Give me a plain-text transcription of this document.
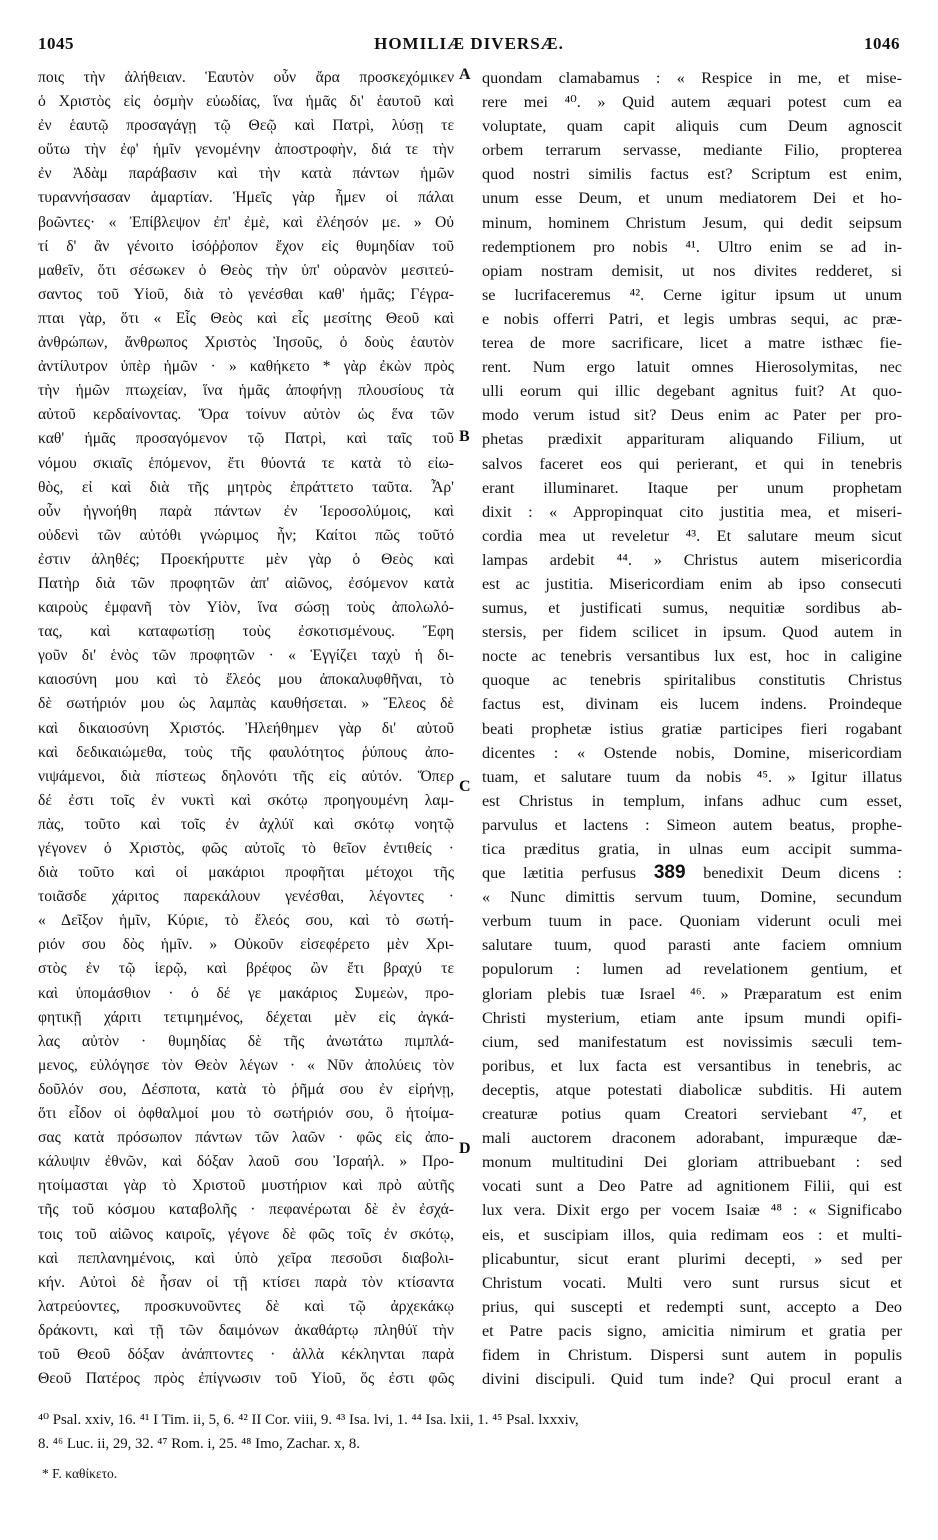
1045	HOMILIÆ DIVERSÆ.	1046
ποις τὴν ἀλήθειαν. Ἑαυτὸν οὖν ἄρα προσκεχόμικεν
ὁ Χριστὸς εἰς ὀσμὴν εὐωδίας, ἵνα ἡμᾶς δι' ἑαυτοῦ καὶ
ἐν ἑαυτῷ προσαγάγῃ τῷ Θεῷ καὶ Πατρὶ, λύσῃ τε
οὕτω τὴν ἐφ' ἡμῖν γενομένην ἀποστροφὴν, διά τε τὴν
ἐν Ἀδὰμ παράβασιν καὶ τὴν κατὰ πάντων ἡμῶν
τυραννήσασαν ἁμαρτίαν. Ἡμεῖς γὰρ ἦμεν οἱ πάλαι
βοῶντες· « Ἐπίβλεψον ἐπ' ἐμὲ, καὶ ἐλέησόν με. » Οὐ
τί δ' ἂν γένοιτο ἰσόῤῥοπον ἔχον εἰς θυμηδίαν τοῦ
μαθεῖν, ὅτι σέσωκεν ὁ Θεὸς τὴν ὑπ' οὐρανὸν μεσιτεύ-
σαντος τοῦ Υἱοῦ, διὰ τὸ γενέσθαι καθ' ἡμᾶς; Γέγρα-
πται γὰρ, ὅτι « Εἷς Θεὸς καὶ εἷς μεσίτης Θεοῦ καὶ
ἀνθρώπων, ἄνθρωπος Χριστὸς Ἰησοῦς, ὁ δοὺς ἑαυτὸν
ἀντίλυτρον ὑπὲρ ἡμῶν · » καθήκετο * γὰρ ἐκὼν πρὸς
τὴν ἡμῶν πτωχείαν, ἵνα ἡμᾶς ἀποφήνῃ πλουσίους τὰ
αὐτοῦ κερδαίνοντας. Ὅρα τοίνυν αὐτὸν ὡς ἕνα τῶν
καθ' ἡμᾶς προσαγόμενον τῷ Πατρὶ, καὶ ταῖς τοῦ
νόμου σκιαῖς ἑπόμενον, ἔτι θύοντά τε κατὰ τὸ εἰω-
θὸς, εἰ καὶ διὰ τῆς μητρὸς ἐπράττετο ταῦτα. Ἆρ'
οὖν ἠγνοήθη παρὰ πάντων ἐν Ἱεροσολύμοις, καὶ
οὐδενὶ τῶν αὐτόθι γνώριμος ἦν; Καίτοι πῶς τοῦτό
ἐστιν ἀληθές; Προεκήρυττε μὲν γὰρ ὁ Θεὸς καὶ
Πατὴρ διὰ τῶν προφητῶν ἀπ' αἰῶνος, ἐσόμενον κατὰ
καιροὺς ἐμφανῆ τὸν Υἱὸν, ἵνα σώσῃ τοὺς ἀπολωλό-
τας, καὶ καταφωτίσῃ τοὺς ἐσκοτισμένους. Ἔφη
γοῦν δι' ἑνὸς τῶν προφητῶν · « Ἐγγίζει ταχὺ ἡ δι-
καιοσύνη μου καὶ τὸ ἔλεός μου ἀποκαλυφθῆναι, τὸ
δὲ σωτήριόν μου ὡς λαμπὰς καυθήσεται. » Ἔλεος δὲ
καὶ δικαιοσύνη Χριστός. Ἠλεήθημεν γὰρ δι' αὐτοῦ
καὶ δεδικαιώμεθα, τοὺς τῆς φαυλότητος ῥύπους ἀπο-
νιψάμενοι, διὰ πίστεως δηλονότι τῆς εἰς αὐτόν. Ὅπερ
δέ ἐστι τοῖς ἐν νυκτὶ καὶ σκότῳ προηγουμένη λαμ-
πὰς, τοῦτο καὶ τοῖς ἐν ἀχλύϊ καὶ σκότῳ νοητῷ
γέγονεν ὁ Χριστὸς, φῶς αὐτοῖς τὸ θεῖον ἐντιθείς ·
διὰ τοῦτο καὶ οἱ μακάριοι προφῆται μέτοχοι τῆς
τοιᾶσδε χάριτος παρεκάλουν γενέσθαι, λέγοντες ·
« Δεῖξον ἡμῖν, Κύριε, τὸ ἔλεός σου, καὶ τὸ σωτή-
ριόν σου δὸς ἡμῖν. » Οὐκοῦν εἰσεφέρετο μὲν Χρι-
στὸς ἐν τῷ ἱερῷ, καὶ βρέφος ὢν ἔτι βραχύ τε
καὶ ὑπομάσθιον · ὁ δέ γε μακάριος Συμεὼν, προ-
φητικῇ χάριτι τετιμημένος, δέχεται μὲν εἰς ἀγκά-
λας αὐτὸν · θυμηδίας δὲ τῆς ἀνωτάτω πιμπλά-
μενος, εὐλόγησε τὸν Θεὸν λέγων · « Νῦν ἀπολύεις τὸν
δοῦλόν σου, Δέσποτα, κατὰ τὸ ῥῆμά σου ἐν εἰρήνῃ,
ὅτι εἶδον οἱ ὀφθαλμοί μου τὸ σωτήριόν σου, ὃ ἡτοίμα-
σας κατὰ πρόσωπον πάντων τῶν λαῶν · φῶς εἰς ἀπο-
κάλυψιν ἐθνῶν, καὶ δόξαν λαοῦ σου Ἰσραήλ. » Προ-
ητοίμασται γὰρ τὸ Χριστοῦ μυστήριον καὶ πρὸ αὐτῆς
τῆς τοῦ κόσμου καταβολῆς · πεφανέρωται δὲ ἐν ἐσχά-
τοις τοῦ αἰῶνος καιροῖς, γέγονε δὲ φῶς τοῖς ἐν σκότῳ,
καὶ πεπλανημένοις, καὶ ὑπὸ χεῖρα πεσοῦσι διαβολι-
κήν. Αὐτοὶ δὲ ἦσαν οἱ τῇ κτίσει παρὰ τὸν κτίσαντα
λατρεύοντες, προσκυνοῦντες δὲ καὶ τῷ ἀρχεκάκῳ
δράκοντι, καὶ τῇ τῶν δαιμόνων ἀκαθάρτῳ πληθύϊ τὴν
τοῦ Θεοῦ δόξαν ἀνάπτοντες · ἀλλὰ κέκληνται παρὰ
Θεοῦ Πατέρος πρὸς ἐπίγνωσιν τοῦ Υἱοῦ, ὅς ἐστι φῶς
A
B
C
D
quondam clamabamus : « Respice in me, et mise-
rere mei ⁴⁰. » Quid autem æquari potest cum ea
voluptate, quam capit aliquis cum Deum agnoscit
orbem terrarum servasse, mediante Filio, propterea
quod nostri similis factus est? Scriptum est enim,
unum esse Deum, et unum mediatorem Dei et ho-
minum, hominem Christum Jesum, qui dedit seipsum
redemptionem pro nobis ⁴¹. Ultro enim se ad in-
opiam nostram demisit, ut nos divites redderet, si
se lucrifaceremus ⁴². Cerne igitur ipsum ut unum
e nobis offerri Patri, et legis umbras sequi, ac præ-
terea de more sacrificare, licet a matre isthæc fie-
rent. Num ergo latuit omnes Hierosolymitas, nec
ulli eorum qui illic degebant agnitus fuit? At quo-
modo verum istud sit? Deus enim ac Pater per pro-
phetas prædixit apparituram aliquando Filium, ut
salvos faceret eos qui perierant, et qui in tenebris
erant illuminaret. Itaque per unum prophetam
dixit : « Appropinquat cito justitia mea, et miseri-
cordia mea ut reveletur ⁴³. Et salutare meum sicut
lampas ardebit ⁴⁴. » Christus autem misericordia
est ac justitia. Misericordiam enim ab ipso consecuti
sumus, et justificati sumus, nequitiæ sordibus ab-
stersis, per fidem scilicet in ipsum. Quod autem in
nocte ac tenebris versantibus lux est, hoc in caligine
quoque ac tenebris spiritalibus constitutis Christus
factus est, divinam eis lucem indens. Proindeque
beati prophetæ istius gratiæ participes fieri rogabant
dicentes : « Ostende nobis, Domine, misericordiam
tuam, et salutare tuum da nobis ⁴⁵. » Igitur illatus
est Christus in templum, infans adhuc cum esset,
parvulus et lactens : Simeon autem beatus, prophe-
tica præditus gratia, in ulnas eum accipit summa-
que lætitia perfusus 389 benedixit Deum dicens :
« Nunc dimittis servum tuum, Domine, secundum
verbum tuum in pace. Quoniam viderunt oculi mei
salutare tuum, quod parasti ante faciem omnium
populorum : lumen ad revelationem gentium, et
gloriam plebis tuæ Israel ⁴⁶. » Præparatum est enim
Christi mysterium, etiam ante ipsum mundi opifi-
cium, sed manifestatum est novissimis sæculi tem-
poribus, et lux facta est versantibus in tenebris, ac
deceptis, atque potestati diabolicæ subditis. Hi autem
creaturæ potius quam Creatori serviebant ⁴⁷, et
mali auctorem draconem adorabant, impuræque dæ-
monum multitudini Dei gloriam attribuebant : sed
vocati sunt a Deo Patre ad agnitionem Filii, qui est
lux vera. Dixit ergo per vocem Isaiæ ⁴⁸ : « Significabo
eis, et suscipiam illos, quia redimam eos : et multi-
plicabuntur, sicut erant plurimi decepti, » sed per
Christum vocati. Multi vero sunt rursus sicut et
prius, qui suscepti et redempti sunt, accepto a Deo
et Patre pacis signo, amicitia nimirum et gratia per
fidem in Christum. Dispersi sunt autem in populis
divini discipuli. Quid tum inde? Qui procul erant a
⁴⁰ Psal. xxiv, 16. ⁴¹ I Tim. ii, 5, 6. ⁴² II Cor. viii, 9. ⁴³ Isa. lvi, 1. ⁴⁴ Isa. lxii, 1. ⁴⁵ Psal. lxxxiv,
8. ⁴⁶ Luc. ii, 29, 32. ⁴⁷ Rom. i, 25. ⁴⁸ Imo, Zachar. x, 8.
* F. καθίκετο.
